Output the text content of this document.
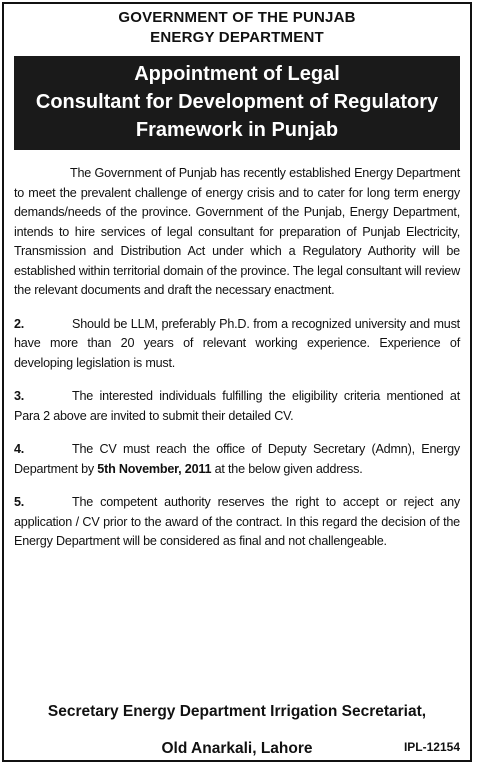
GOVERNMENT OF THE PUNJAB
ENERGY DEPARTMENT
Appointment of Legal
Consultant for Development of Regulatory
Framework in Punjab

The Government of Punjab has recently established Energy Department to meet the prevalent challenge of energy crisis and to cater for long term energy demands/needs of the province. Government of the Punjab, Energy Department, intends to hire services of legal consultant for preparation of Punjab Electricity, Transmission and Distribution Act under which a Regulatory Authority will be established within territorial domain of the province. The legal consultant will review the relevant documents and draft the necessary enactment.

2.	Should be LLM, preferably Ph.D. from a recognized university and must have more than 20 years of relevant working experience. Experience of developing legislation is must.

3.	The interested individuals fulfilling the eligibility criteria mentioned at Para 2 above are invited to submit their detailed CV.

4.	The CV must reach the office of Deputy Secretary (Admn), Energy Department by 5th November, 2011 at the below given address.

5.	The competent authority reserves the right to accept or reject any application / CV prior to the award of the contract. In this regard the decision of the Energy Department will be considered as final and not challengeable.

Secretary Energy Department Irrigation Secretariat,
Old Anarkali, Lahore	IPL-12154
